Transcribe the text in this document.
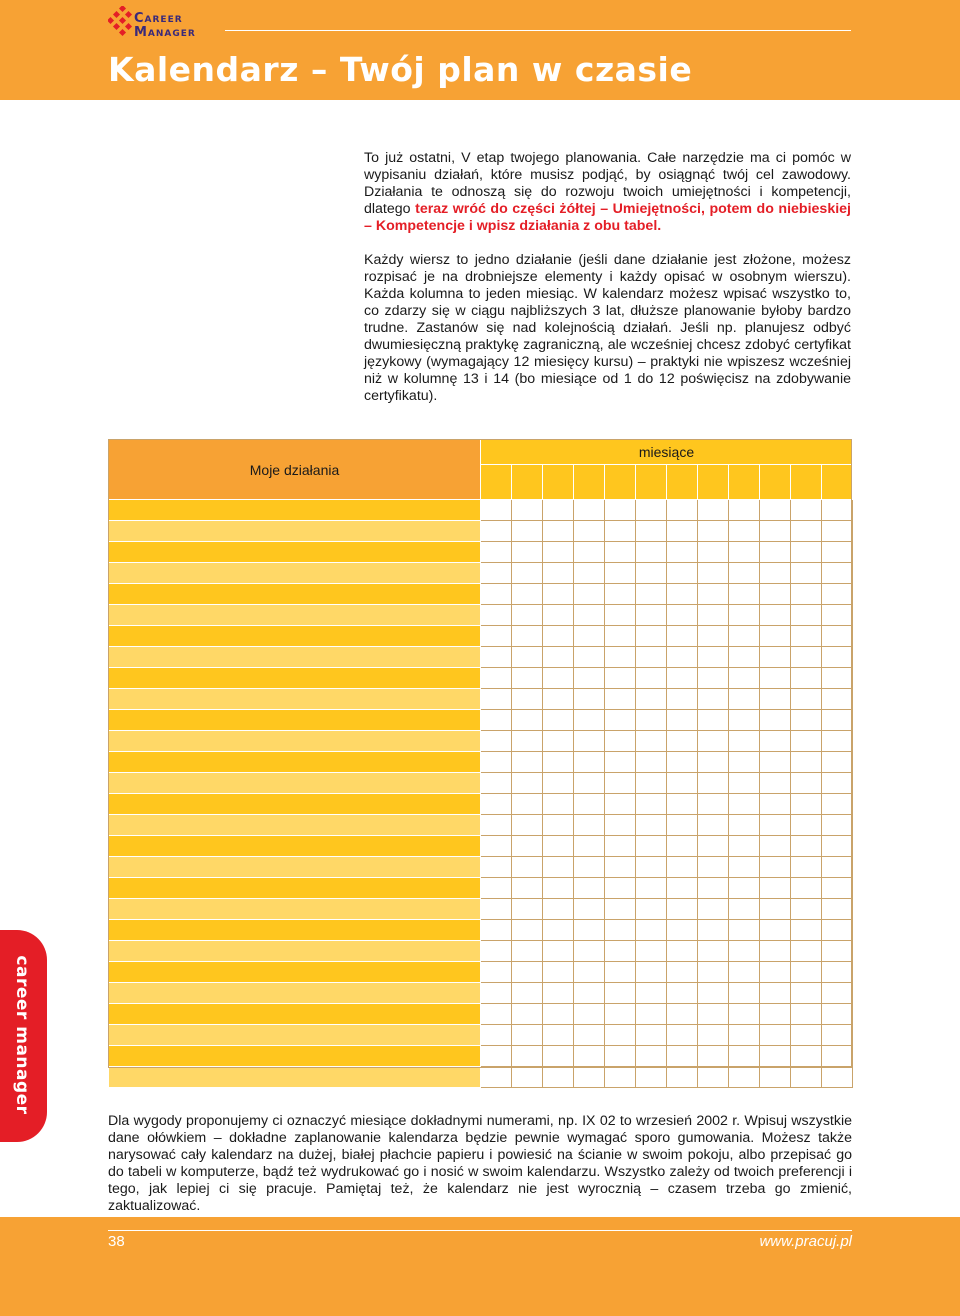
Career
Manager
Kalendarz – Twój plan w czasie

To już ostatni, V etap twojego planowania. Całe narzędzie ma ci pomóc w wypisaniu działań, które musisz podjąć, by osiągnąć twój cel zawodowy. Działania te odnoszą się do rozwoju twoich umiejętności i kompetencji, dlatego teraz wróć do części żółtej – Umiejętności, potem do niebieskiej – Kompetencje i wpisz działania z obu tabel.

Każdy wiersz to jedno działanie (jeśli dane działanie jest złożone, możesz rozpisać je na drobniejsze elementy i każdy opisać w osobnym wierszu). Każda kolumna to jeden miesiąc. W kalendarz możesz wpisać wszystko to, co zdarzy się w ciągu najbliższych 3 lat, dłuższe planowanie byłoby bardzo trudne. Zastanów się nad kolejnością działań. Jeśli np. planujesz odbyć dwumiesięczną praktykę zagraniczną, ale wcześniej chcesz zdobyć certyfikat językowy (wymagający 12 miesięcy kursu) – praktyki nie wpiszesz wcześniej niż w kolumnę 13 i 14 (bo miesiące od 1 do 12 poświęcisz na zdobywanie certyfikatu).

Moje działania	miesiące											

career manager

Dla wygody proponujemy ci oznaczyć miesiące dokładnymi numerami, np. IX 02 to wrzesień 2002 r. Wpisuj wszystkie dane ołówkiem – dokładne zaplanowanie kalendarza będzie pewnie wymagać sporo gumowania. Możesz także narysować cały kalendarz na dużej, białej płachcie papieru i powiesić na ścianie w swoim pokoju, albo przepisać go do tabeli w komputerze, bądź też wydrukować go i nosić w swoim kalendarzu. Wszystko zależy od twoich preferencji i tego, jak lepiej ci się pracuje. Pamiętaj też, że kalendarz nie jest wyrocznią – czasem trzeba go zmienić, zaktualizować.

38	www.pracuj.pl
